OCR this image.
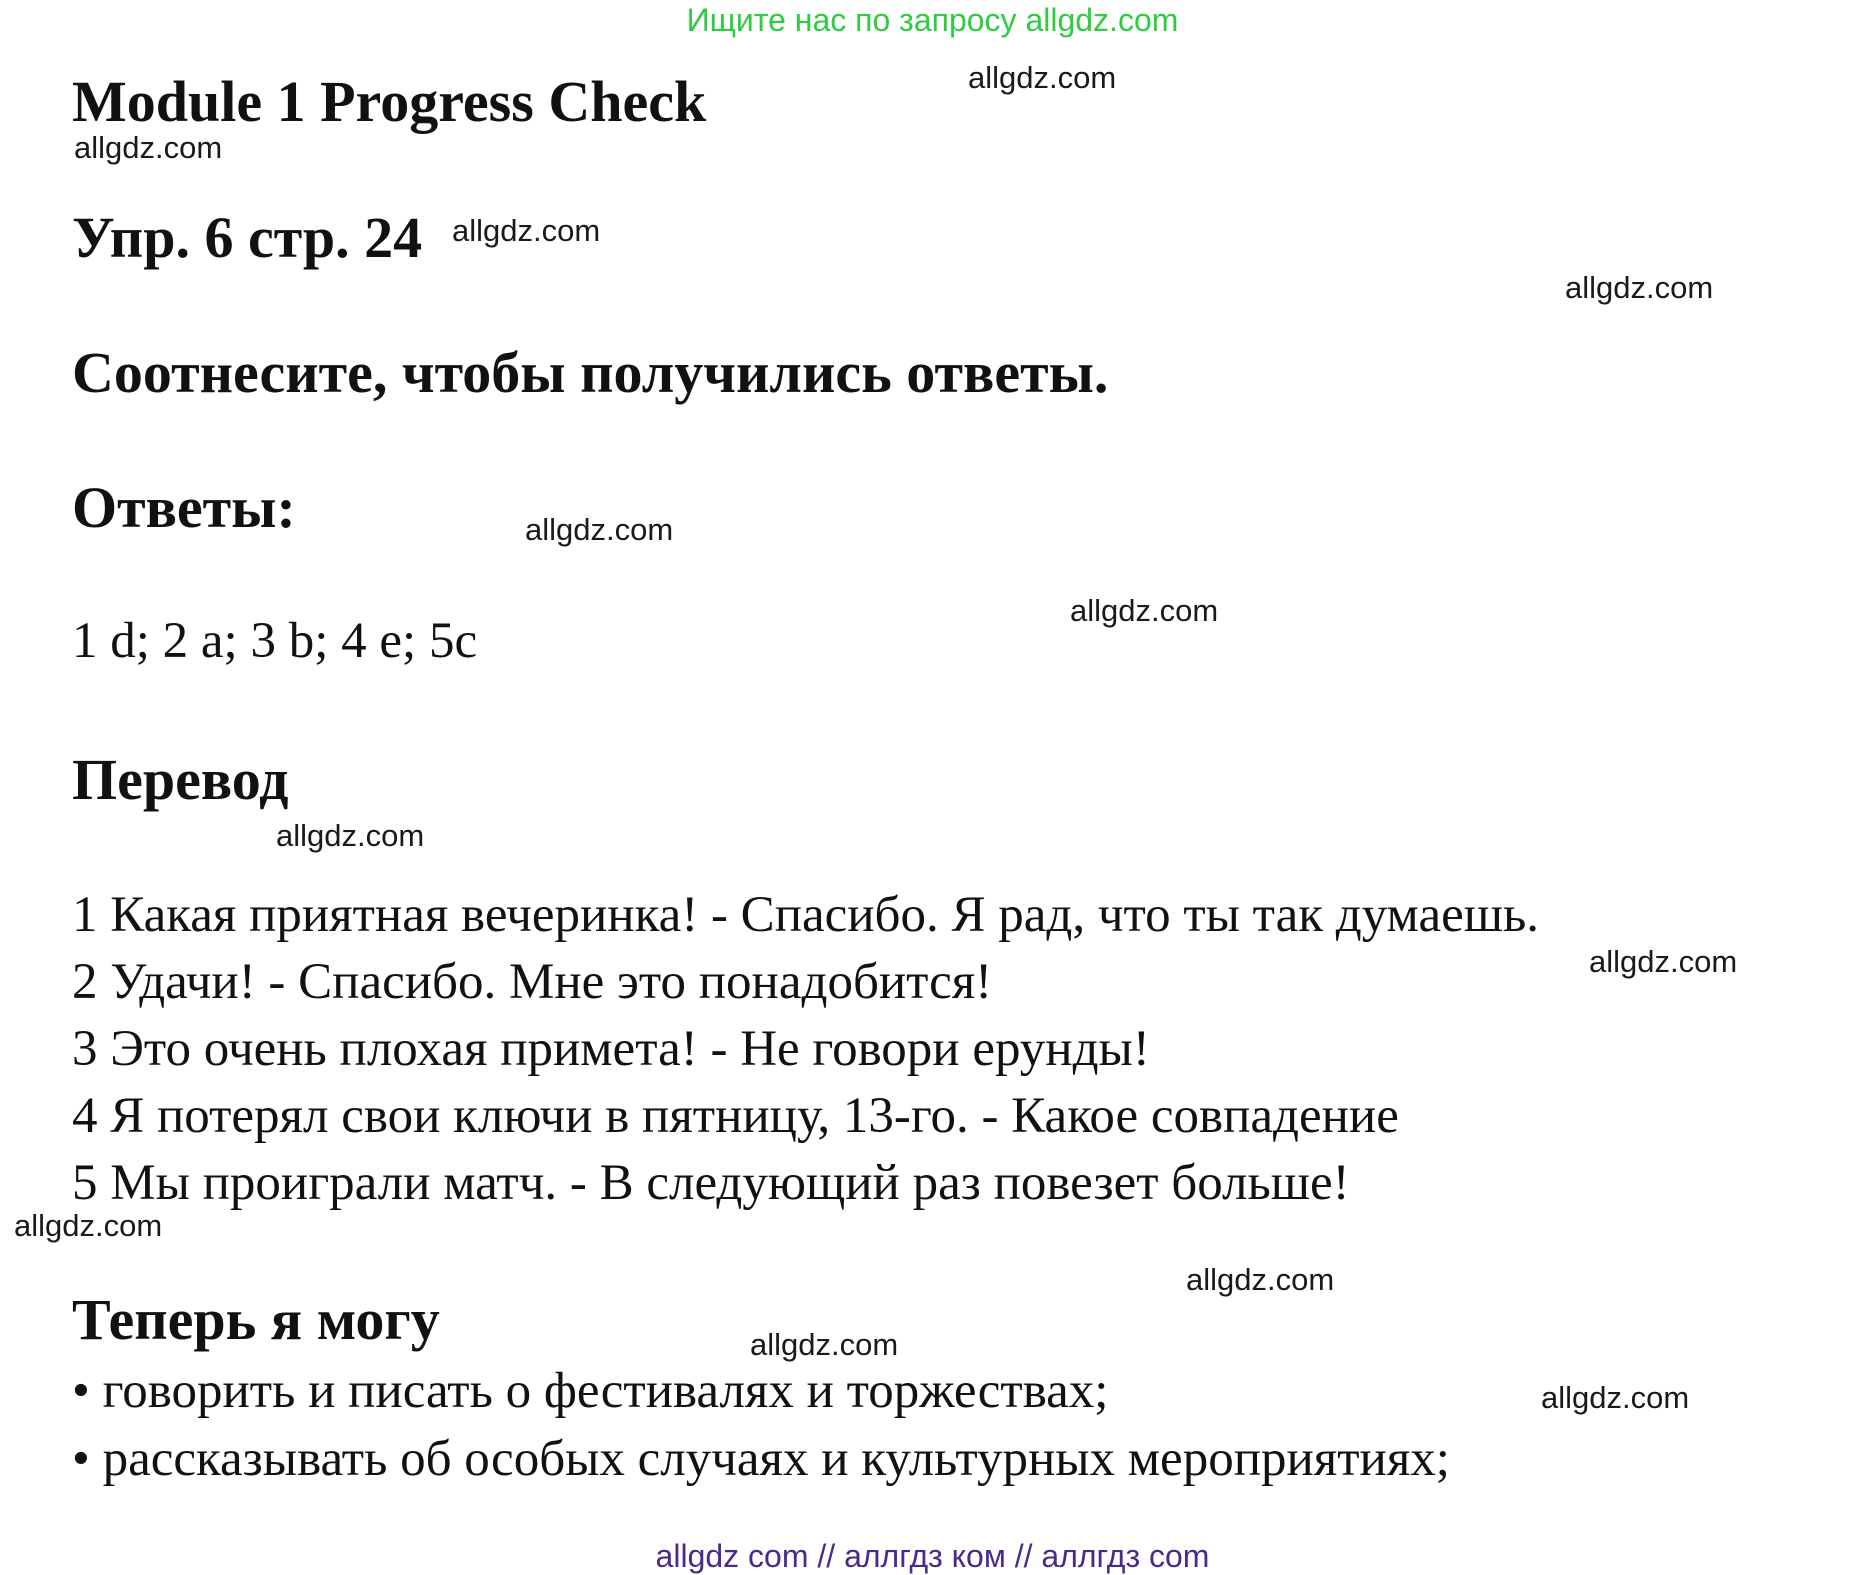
Ищите нас по запросу allgdz.com
Module 1 Progress Check
Упр. 6 стр. 24
Соотнесите, чтобы получились ответы.
Ответы:
1 d; 2 a; 3 b; 4 e; 5c
Перевод
1 Какая приятная вечеринка! - Спасибо. Я рад, что ты так думаешь.
2 Удачи! - Спасибо. Мне это понадобится!
3 Это очень плохая примета! - Не говори ерунды!
4 Я потерял свои ключи в пятницу, 13-го. - Какое совпадение
5 Мы проиграли матч. - В следующий раз повезет больше!
Теперь я могу
• говорить и писать о фестивалях и торжествах;
• рассказывать об особых случаях и культурных мероприятиях;
allgdz.com
allgdz.com
allgdz.com
allgdz.com
allgdz.com
allgdz.com
allgdz.com
allgdz.com
allgdz.com
allgdz.com
allgdz.com
allgdz.com
allgdz com // аллгдз ком // аллгдз com
